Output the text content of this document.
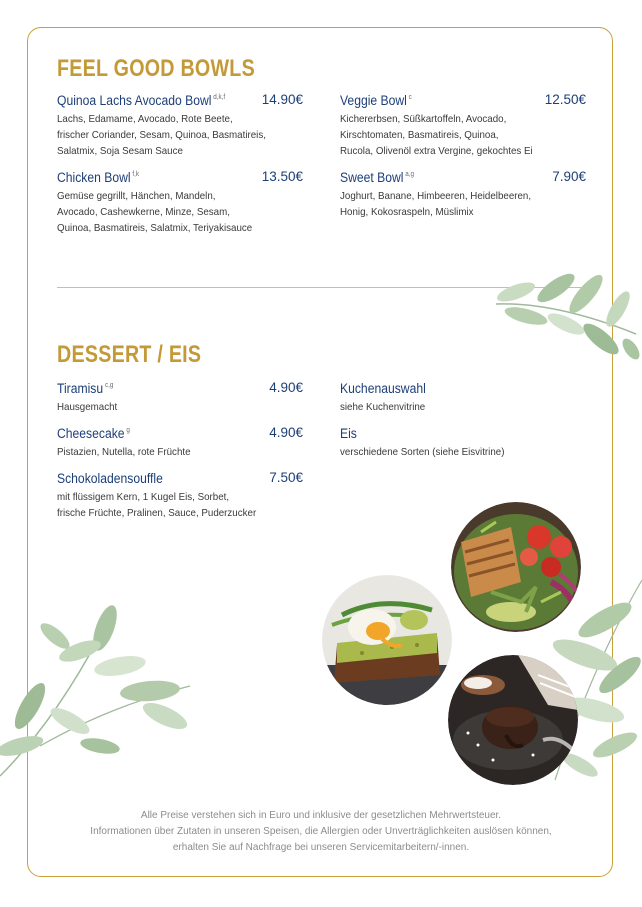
FEEL GOOD BOWLS
Quinoa Lachs Avocado Bowl $^{d,k,f}$	14.90€
Lachs, Edamame, Avocado, Rote Beete,
frischer Coriander, Sesam, Quinoa, Basmatireis,
Salatmix, Soja Sesam Sauce
Veggie Bowl $^c$	12.50€
Kichererbsen, Süßkartoffeln, Avocado,
Kirschtomaten, Basmatireis, Quinoa,
Rucola, Olivenöl extra Vergine, gekochtes Ei
Chicken Bowl $^{f,k}$	13.50€
Gemüse gegrillt, Hänchen, Mandeln,
Avocado, Cashewkerne, Minze, Sesam,
Quinoa, Basmatireis, Salatmix, Teriyakisauce
Sweet Bowl $^{a,g}$	7.90€
Joghurt, Banane, Himbeeren, Heidelbeeren,
Honig, Kokosraspeln, Müslimix
DESSERT / EIS
Tiramisu $^{c,g}$	4.90€
Hausgemacht
Kuchenauswahl
siehe Kuchenvitrine
Cheesecake $^g$	4.90€
Pistazien, Nutella, rote Früchte
Eis
verschiedene Sorten (siehe Eisvitrine)
Schokoladensouffle	7.50€
mit flüssigem Kern, 1 Kugel Eis, Sorbet,
frische Früchte, Pralinen, Sauce, Puderzucker
Alle Preise verstehen sich in Euro und inklusive der gesetzlichen Mehrwertsteuer.
Informationen über Zutaten in unseren Speisen, die Allergien oder Unverträglichkeiten auslösen können,
erhalten Sie auf Nachfrage bei unseren Servicemitarbeitern/-innen.
